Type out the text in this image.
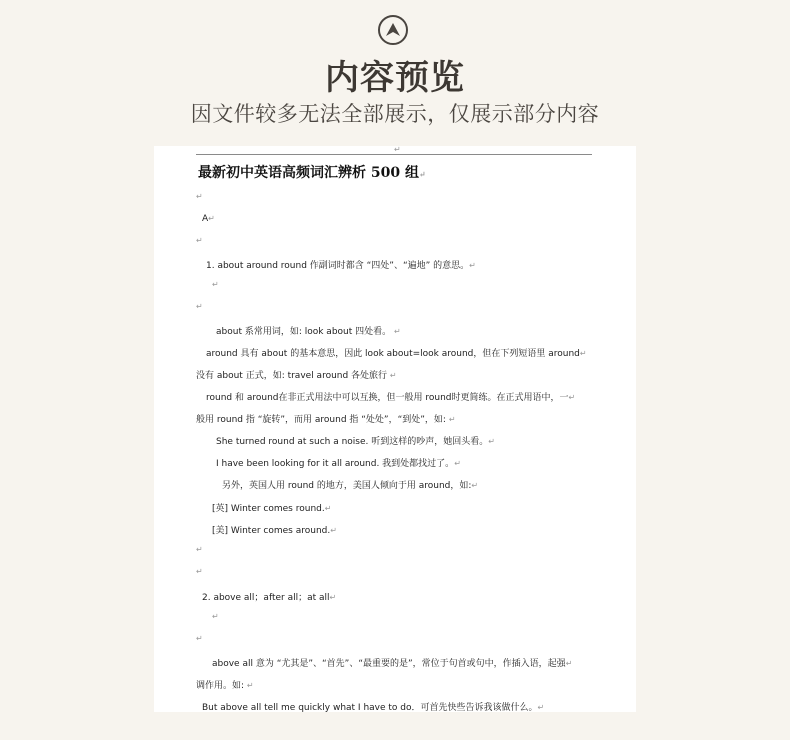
内容预览
因文件较多无法全部展示，仅展示部分内容
↵
最新初中英语高频词汇辨析 500 组↵
↵
A↵
↵
1. about around round 作副词时都含 “四处”、“遍地” 的意思。↵
↵
↵
about 系常用词，如: look about 四处看。 ↵
around 具有 about 的基本意思，因此 look about=look around，但在下列短语里 around↵
没有 about 正式，如: travel around 各处旅行 ↵
round 和 around在非正式用法中可以互换，但一般用 round时更简练。在正式用语中，一↵
般用 round 指 “旋转”，而用 around 指 “处处”，“到处”，如: ↵
She turned round at such a noise. 听到这样的吵声，她回头看。↵
I have been looking for it all around. 我到处都找过了。↵
另外，英国人用 round 的地方，美国人倾向于用 around，如:↵
[英] Winter comes round.↵
[美] Winter comes around.↵
↵
↵
2. above all；after all；at all↵
↵
↵
above all 意为 “尤其是”、“首先”、“最重要的是”，常位于句首或句中，作插入语，起强↵
调作用。如: ↵
But above all tell me quickly what I have to do．可首先快些告诉我该做什么。↵
